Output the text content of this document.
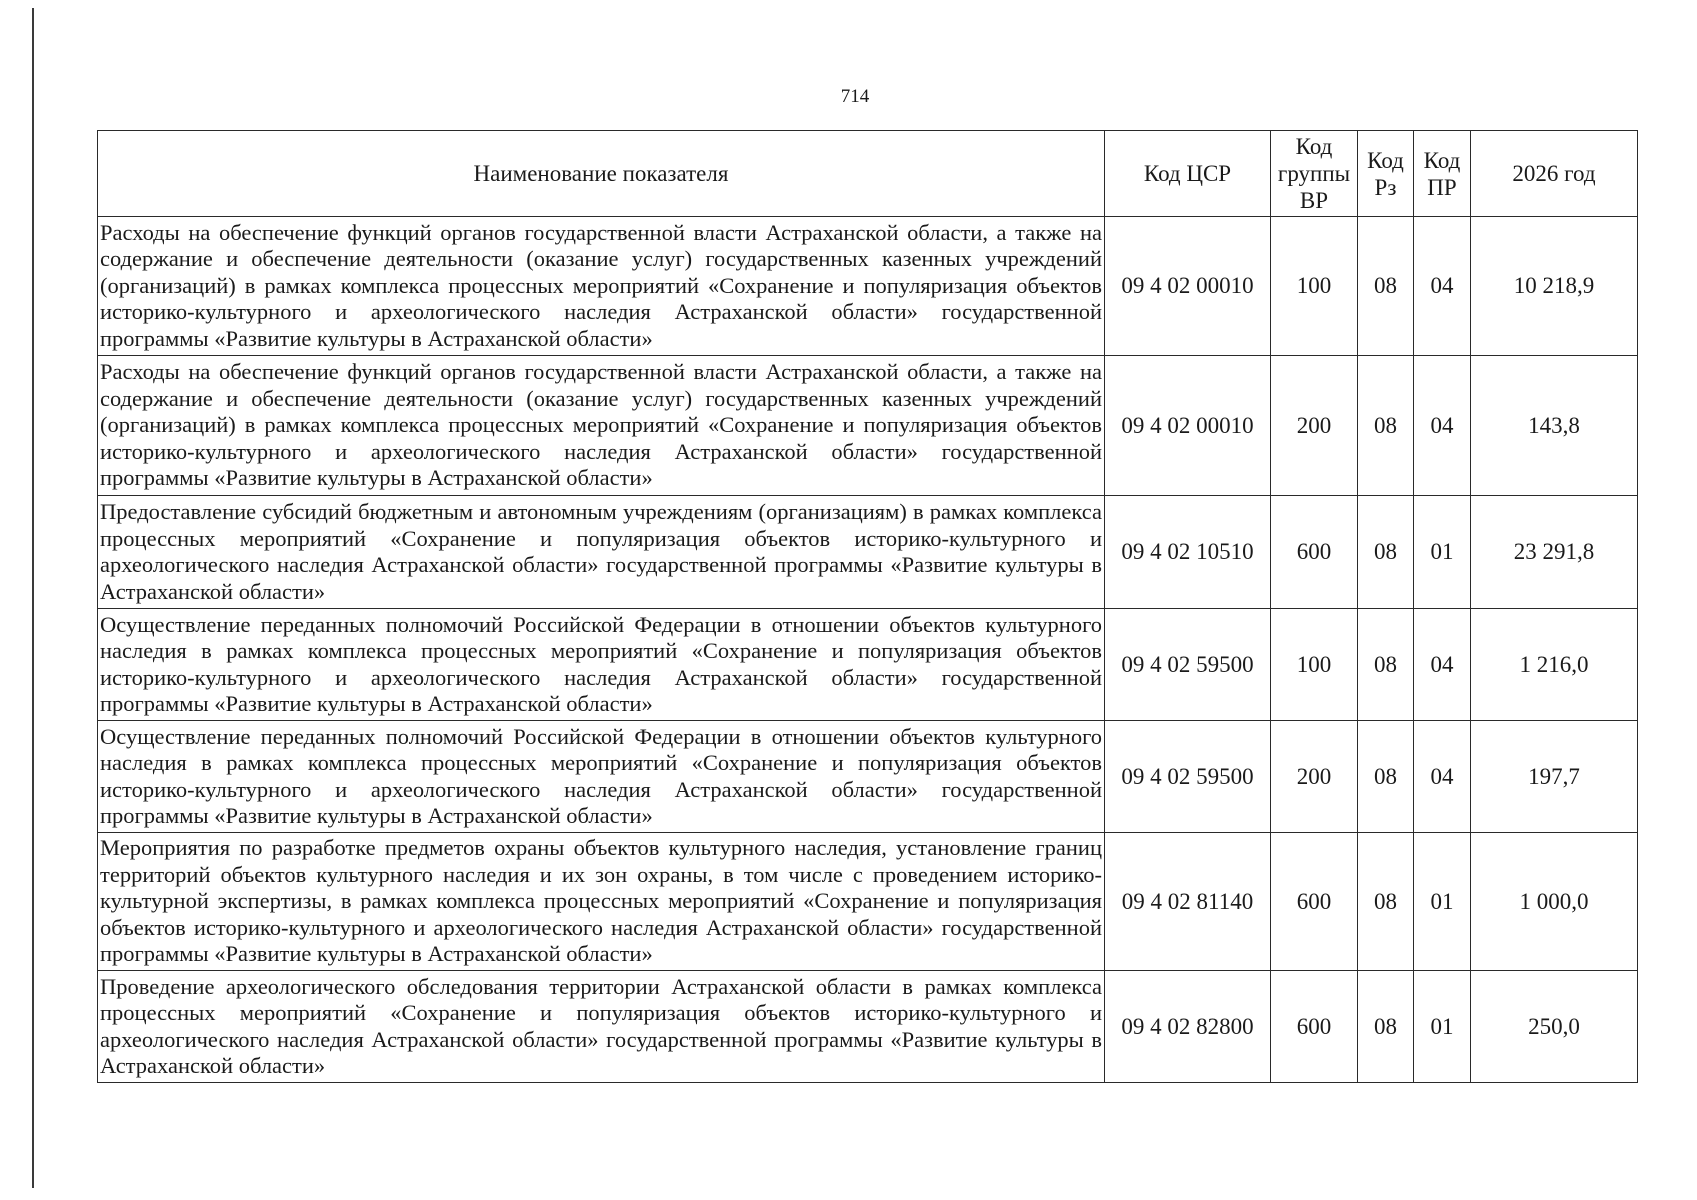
714
Наименование показателя	Код ЦСР	Код группы ВР	Код Рз	Код ПР	2026 год
Расходы на обеспечение функций органов государственной власти Астраханской области, а также на содержание и обеспечение деятельности (оказание услуг) государственных казенных учреждений (организаций) в рамках комплекса процессных мероприятий «Сохранение и популяризация объектов историко-культурного и археологического наследия Астраханской области» государственной программы «Развитие культуры в Астраханской области»	09 4 02 00010	100	08	04	10 218,9
Расходы на обеспечение функций органов государственной власти Астраханской области, а также на содержание и обеспечение деятельности (оказание услуг) государственных казенных учреждений (организаций) в рамках комплекса процессных мероприятий «Сохранение и популяризация объектов историко-культурного и археологического наследия Астраханской области» государственной программы «Развитие культуры в Астраханской области»	09 4 02 00010	200	08	04	143,8
Предоставление субсидий бюджетным и автономным учреждениям (организациям) в рамках комплекса процессных мероприятий «Сохранение и популяризация объектов историко-культурного и археологического наследия Астраханской области» государственной программы «Развитие культуры в Астраханской области»	09 4 02 10510	600	08	01	23 291,8
Осуществление переданных полномочий Российской Федерации в отношении объектов культурного наследия в рамках комплекса процессных мероприятий «Сохранение и популяризация объектов историко-культурного и археологического наследия Астраханской области» государственной программы «Развитие культуры в Астраханской области»	09 4 02 59500	100	08	04	1 216,0
Осуществление переданных полномочий Российской Федерации в отношении объектов культурного наследия в рамках комплекса процессных мероприятий «Сохранение и популяризация объектов историко-культурного и археологического наследия Астраханской области» государственной программы «Развитие культуры в Астраханской области»	09 4 02 59500	200	08	04	197,7
Мероприятия по разработке предметов охраны объектов культурного наследия, установление границ территорий объектов культурного наследия и их зон охраны, в том числе с проведением историко-культурной экспертизы, в рамках комплекса процессных мероприятий «Сохранение и популяризация объектов историко-культурного и археологического наследия Астраханской области» государственной программы «Развитие культуры в Астраханской области»	09 4 02 81140	600	08	01	1 000,0
Проведение археологического обследования территории Астраханской области в рамках комплекса процессных мероприятий «Сохранение и популяризация объектов историко-культурного и археологического наследия Астраханской области» государственной программы «Развитие культуры в Астраханской области»	09 4 02 82800	600	08	01	250,0
